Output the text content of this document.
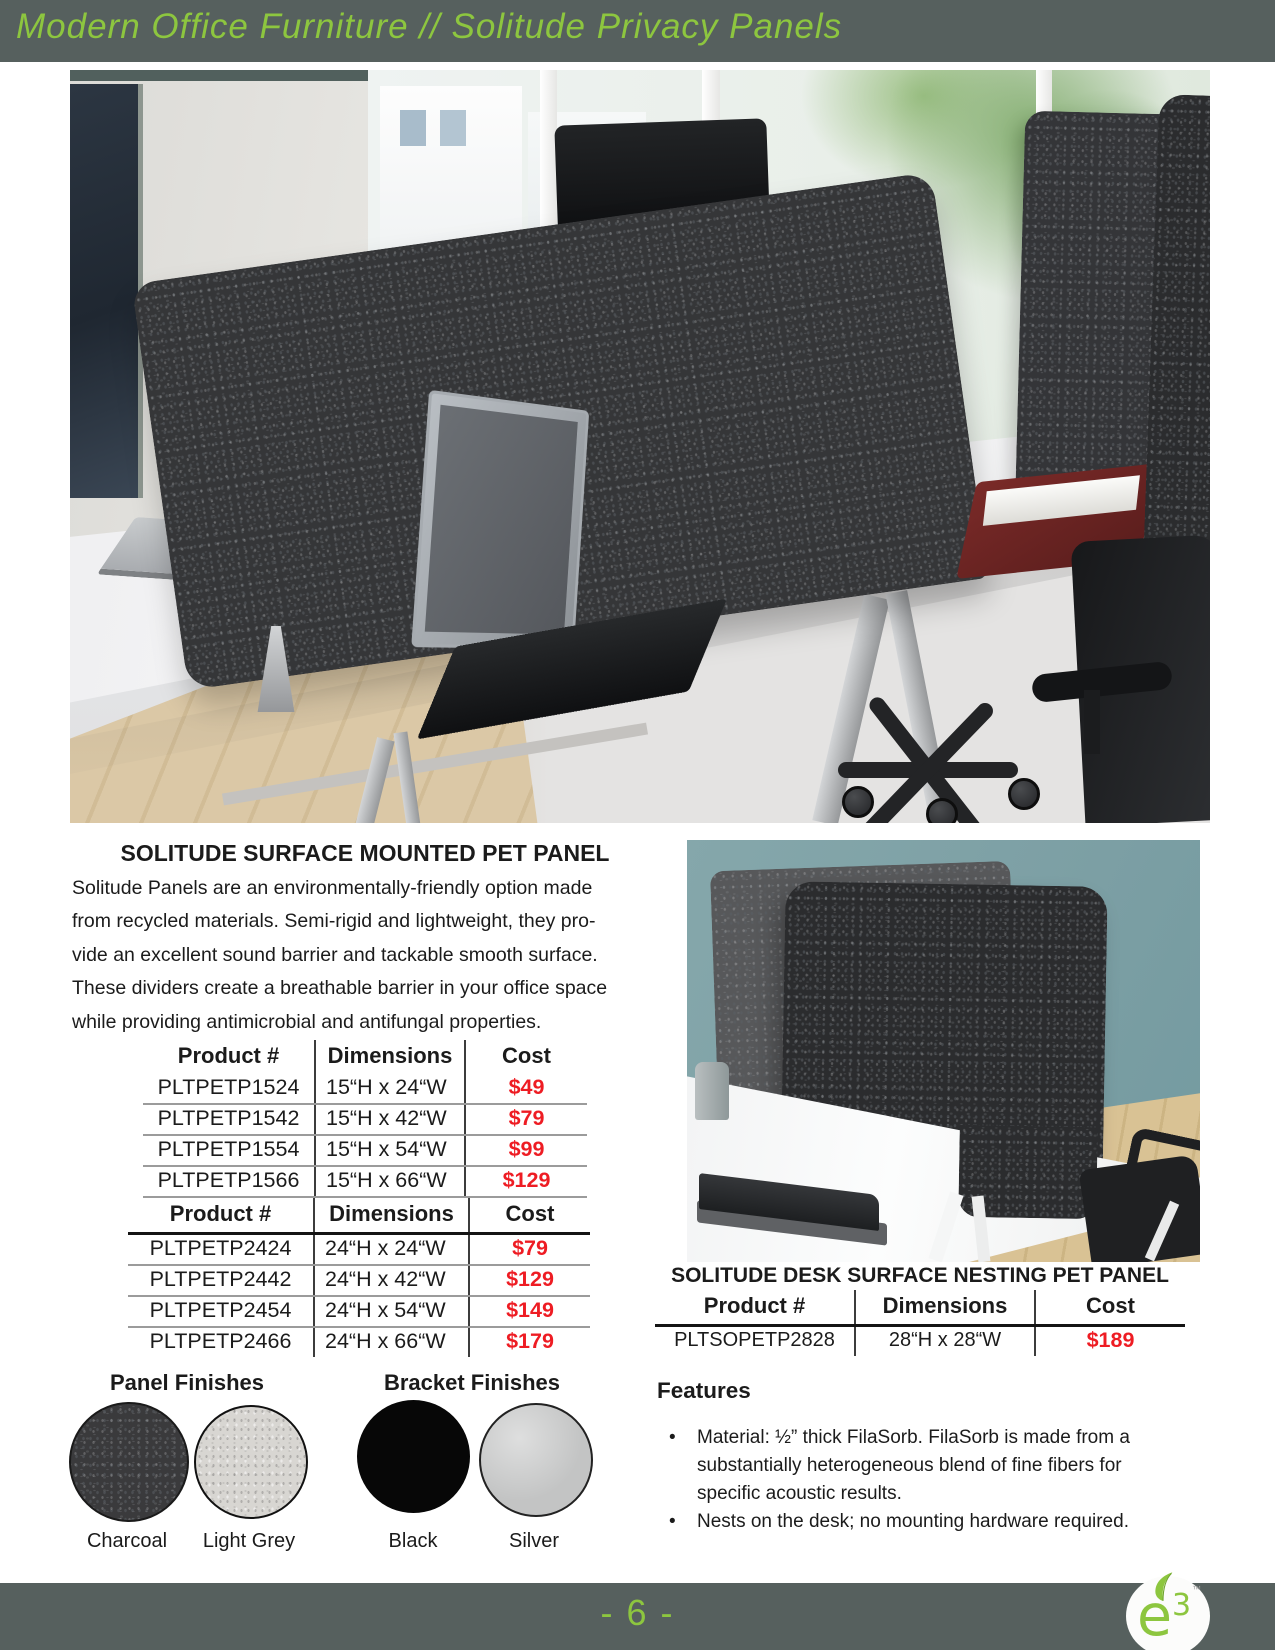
Modern Office Furniture // Solitude Privacy Panels
SOLITUDE SURFACE MOUNTED PET PANEL
Solitude Panels are an environmentally-friendly option made
from recycled materials. Semi-rigid and lightweight, they pro-
vide an excellent sound barrier and tackable smooth surface.
These dividers create a breathable barrier in your office space
while providing antimicrobial and antifungal properties.
Product #	Dimensions	Cost
PLTPETP1524	15“H x 24“W	$49
PLTPETP1542	15“H x 42“W	$79
PLTPETP1554	15“H x 54“W	$99
PLTPETP1566	15“H x 66“W	$129
Product #	Dimensions	Cost
PLTPETP2424	24“H x 24“W	$79
PLTPETP2442	24“H x 42“W	$129
PLTPETP2454	24“H x 54“W	$149
PLTPETP2466	24“H x 66“W	$179
Panel Finishes	Bracket Finishes
Charcoal	Light Grey	Black	Silver
SOLITUDE DESK SURFACE NESTING PET PANEL
Product #	Dimensions	Cost
PLTSOPETP2828	28“H x 28“W	$189
Features
• Material: ½” thick FilaSorb. FilaSorb is made from a substantially heterogeneous blend of fine fibers for specific acoustic results.
• Nests on the desk; no mounting hardware required.
- 6 -	e 3 ™
